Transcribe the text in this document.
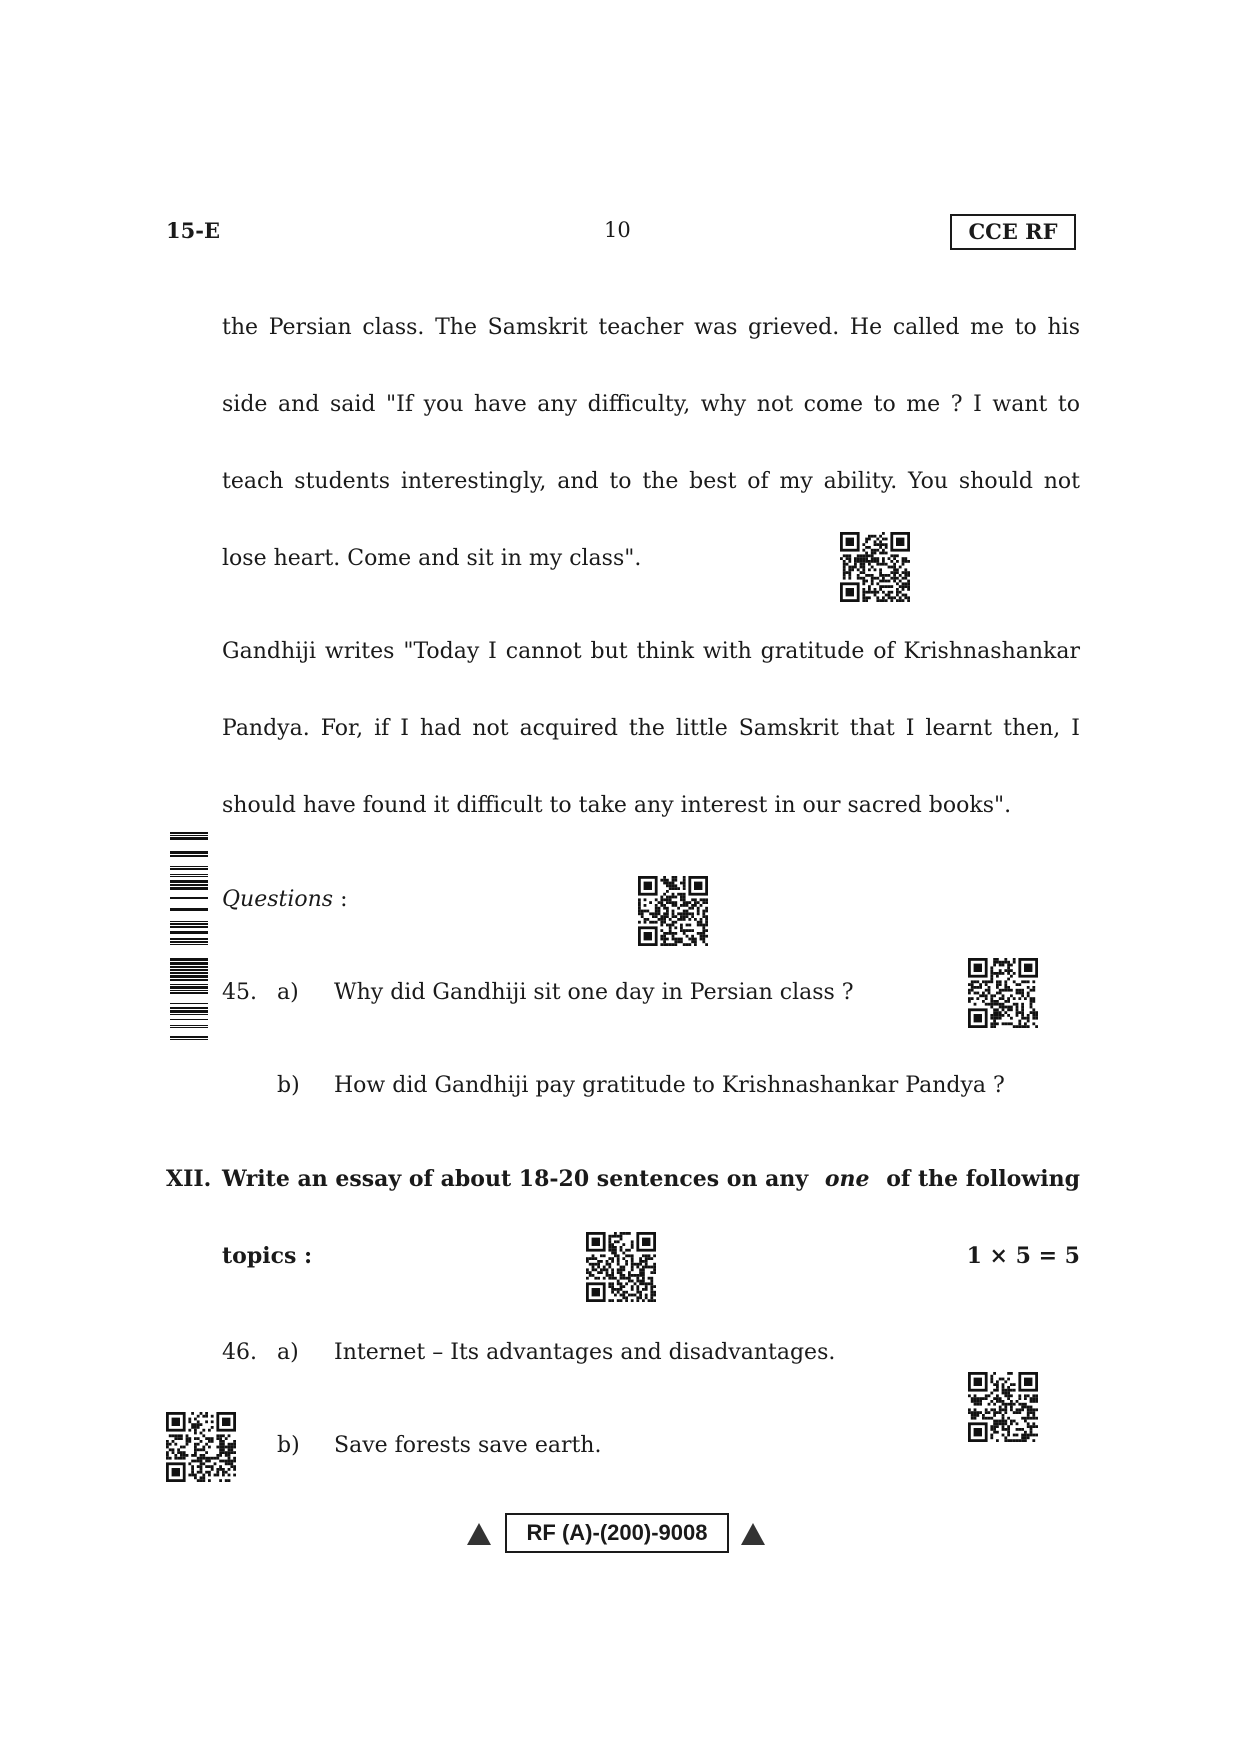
15-E	10	CCE RF
the Persian class. The Samskrit teacher was grieved. He called me to his
side and said "If you have any difficulty, why not come to me ? I want to
teach students interestingly, and to the best of my ability. You should not
lose heart. Come and sit in my class".
Gandhiji writes "Today I cannot but think with gratitude of Krishnashankar
Pandya. For, if I had not acquired the little Samskrit that I learnt then, I
should have found it difficult to take any interest in our sacred books".
Questions :
45. a) Why did Gandhiji sit one day in Persian class ?
b) How did Gandhiji pay gratitude to Krishnashankar Pandya ?
XII. Write an essay of about 18-20 sentences on any one of the following
topics :	1 × 5 = 5
46. a) Internet – Its advantages and disadvantages.
b) Save forests save earth.
RF (A)-(200)-9008
